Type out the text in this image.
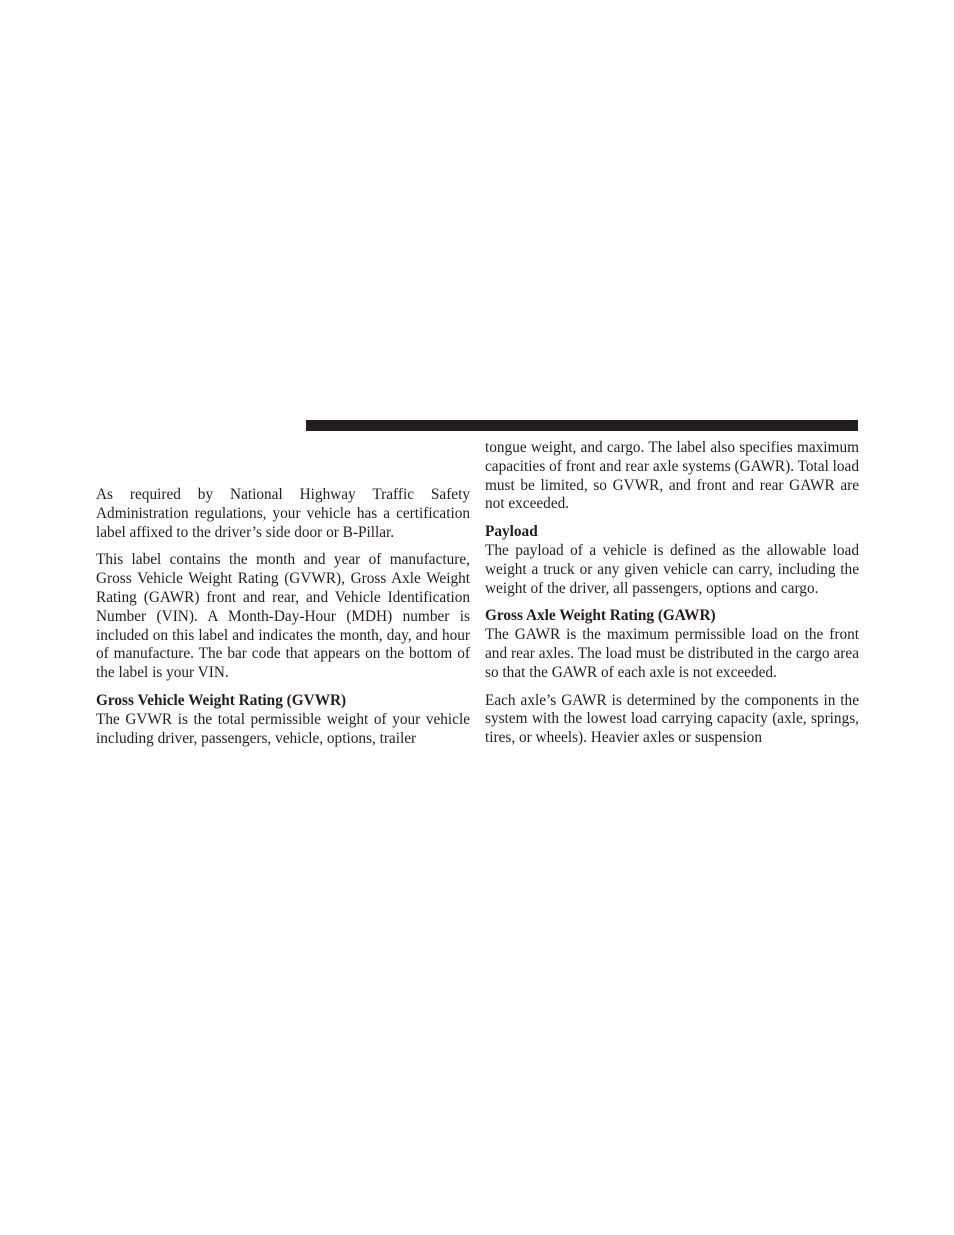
As required by National Highway Traffic Safety Administration regulations, your vehicle has a certification label affixed to the driver’s side door or B-Pillar.

This label contains the month and year of manufacture, Gross Vehicle Weight Rating (GVWR), Gross Axle Weight Rating (GAWR) front and rear, and Vehicle Identification Number (VIN). A Month-Day-Hour (MDH) number is included on this label and indicates the month, day, and hour of manufacture. The bar code that appears on the bottom of the label is your VIN.

Gross Vehicle Weight Rating (GVWR)

The GVWR is the total permissible weight of your vehicle including driver, passengers, vehicle, options, trailer

tongue weight, and cargo. The label also specifies maximum capacities of front and rear axle systems (GAWR). Total load must be limited, so GVWR, and front and rear GAWR are not exceeded.

Payload

The payload of a vehicle is defined as the allowable load weight a truck or any given vehicle can carry, including the weight of the driver, all passengers, options and cargo.

Gross Axle Weight Rating (GAWR)

The GAWR is the maximum permissible load on the front and rear axles. The load must be distributed in the cargo area so that the GAWR of each axle is not exceeded.

Each axle’s GAWR is determined by the components in the system with the lowest load carrying capacity (axle, springs, tires, or wheels). Heavier axles or suspension
